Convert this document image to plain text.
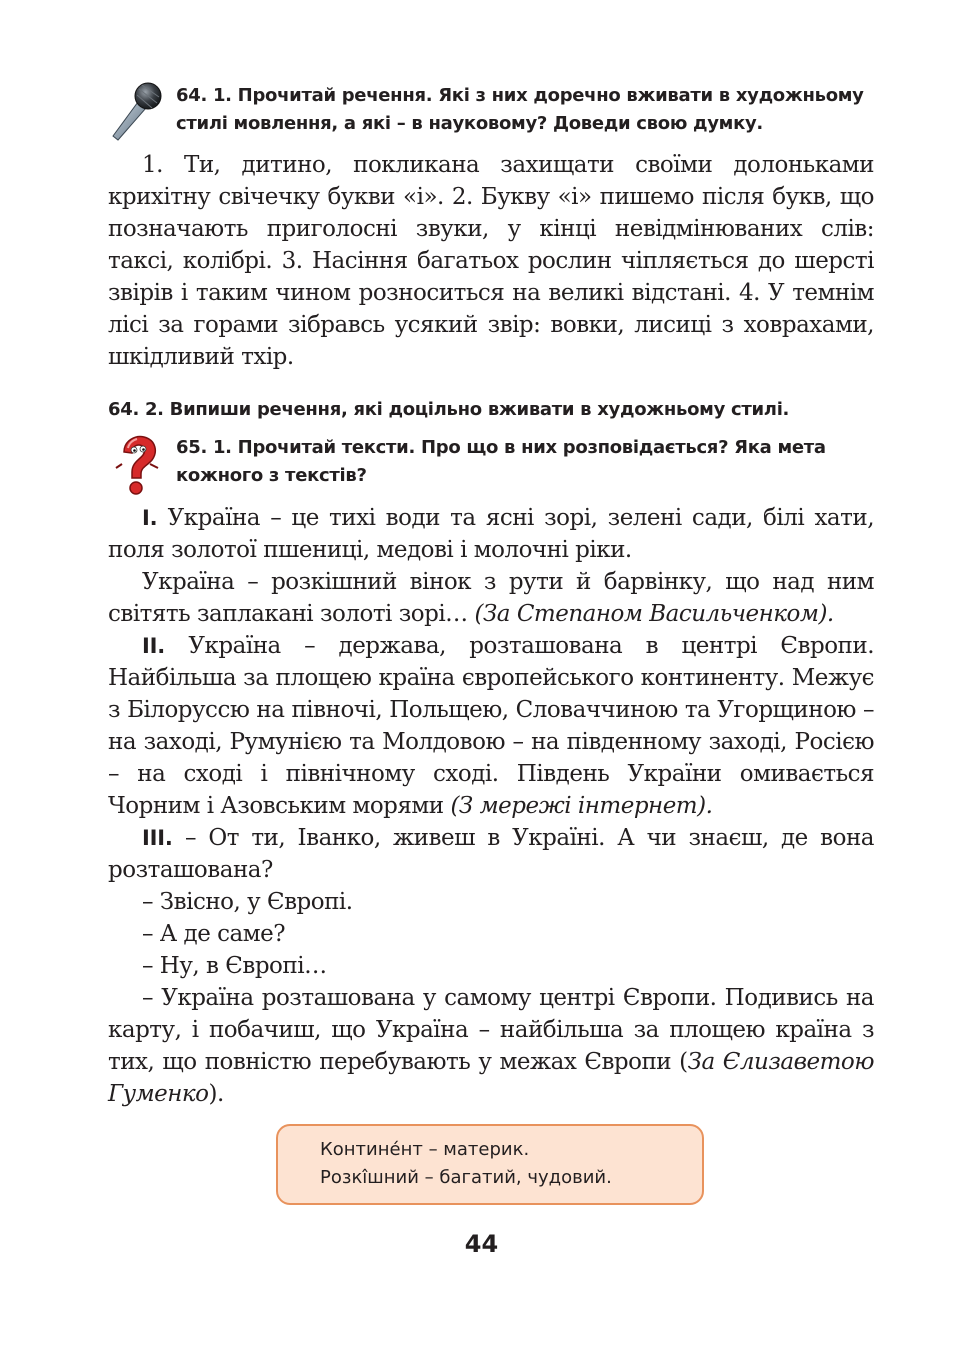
64. 1. Прочитай речення. Які з них доречно вживати в художньому
стилі мовлення, а які – в науковому? Доведи свою думку.

1. Ти, дитино, покликана захищати своїми долоньками крихітну свічечку букви «і». 2. Букву «і» пишемо після букв, що позначають приголосні звуки, у кінці невідмінюваних слів: таксі, колібрі. 3. Насіння багатьох рослин чіпляється до шерсті звірів і таким чином розноситься на великі відстані. 4. У темнім лісі за горами зібравсь усякий звір: вовки, лисиці з ховрахами, шкідливий тхір.

64. 2. Випиши речення, які доцільно вживати в художньому стилі.

65. 1. Прочитай тексти. Про що в них розповідається? Яка мета
кожного з текстів?

I. Україна – це тихі води та ясні зорі, зелені сади, білі хати, поля золотої пшениці, медові і молочні ріки.

Україна – розкішний вінок з рути й барвінку, що над ним світять заплакані золоті зорі… (За Степаном Васильченком).

II. Україна – держава, розташована в центрі Європи. Найбільша за площею країна європейського континенту. Межує з Білоруссю на півночі, Польщею, Словаччиною та Угорщиною – на заході, Румунією та Молдовою – на південному заході, Росією – на сході і північному сході. Південь України омивається Чорним і Азовським морями (З мережі інтернет).

III. – От ти, Іванко, живеш в Україні. А чи знаєш, де вона розташована?

– Звісно, у Європі.

– А де саме?

– Ну, в Європі…

– Україна розташована у самому центрі Європи. Подивись на карту, і побачиш, що Україна – найбільша за площею країна з тих, що повністю перебувають у межах Європи (За Єлизаветою Гуменко).

Контине́нт – материк.
Розкі̂шний – багатий, чудовий.
44
